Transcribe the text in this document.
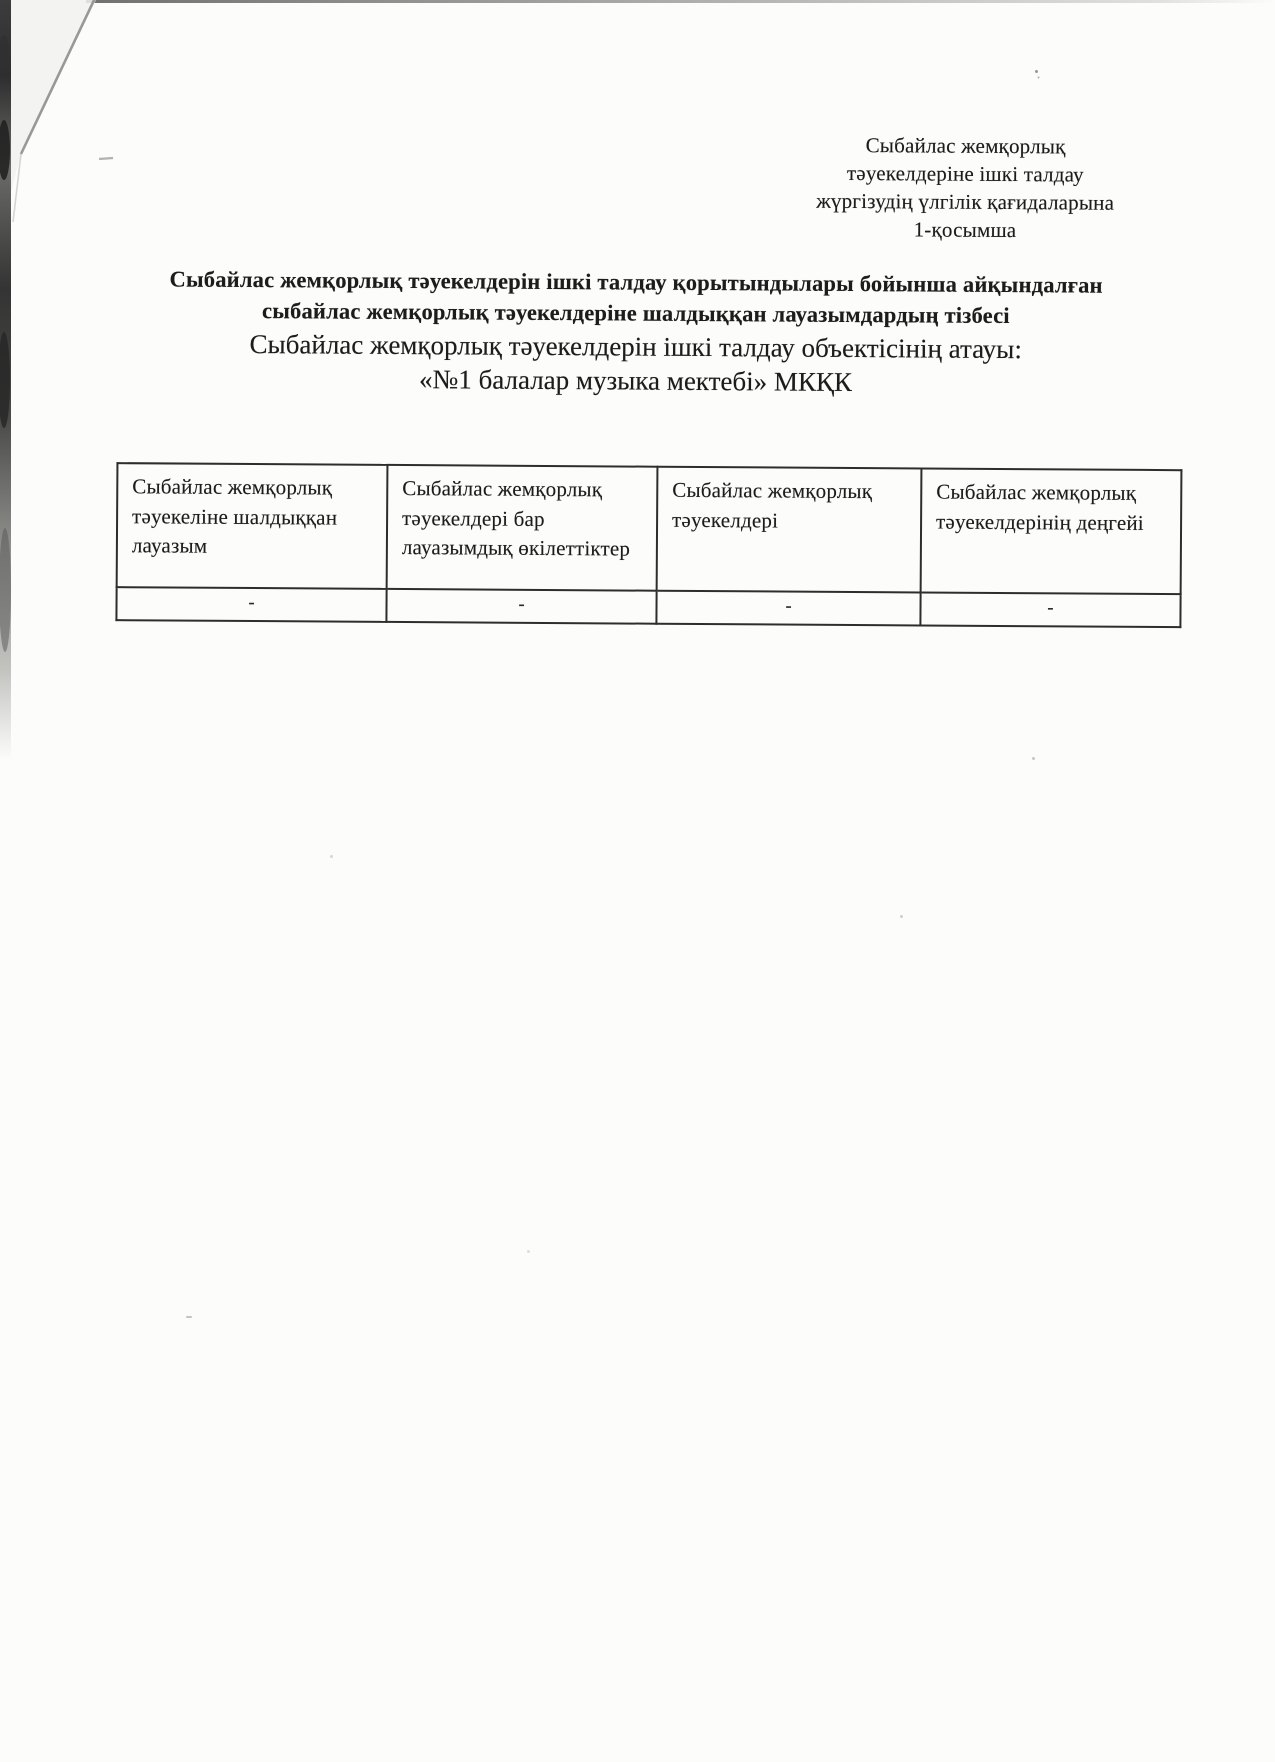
Сыбайлас жемқорлық
тәуекелдеріне ішкі талдау
жүргізудің үлгілік қағидаларына
1-қосымша
Сыбайлас жемқорлық тәуекелдерін ішкі талдау қорытындылары бойынша айқындалған
сыбайлас жемқорлық тәуекелдеріне шалдыққан лауазымдардың тізбесі
Сыбайлас жемқорлық тәуекелдерін ішкі талдау объектісінің атауы:
«№1 балалар музыка мектебі» МКҚК
Сыбайлас жемқорлық тәуекеліне шалдыққан лауазым	Сыбайлас жемқорлық тәуекелдері бар лауазымдық өкілеттіктер	Сыбайлас жемқорлық тәуекелдері	Сыбайлас жемқорлық тәуекелдерінің деңгейі
-	-	-	-
